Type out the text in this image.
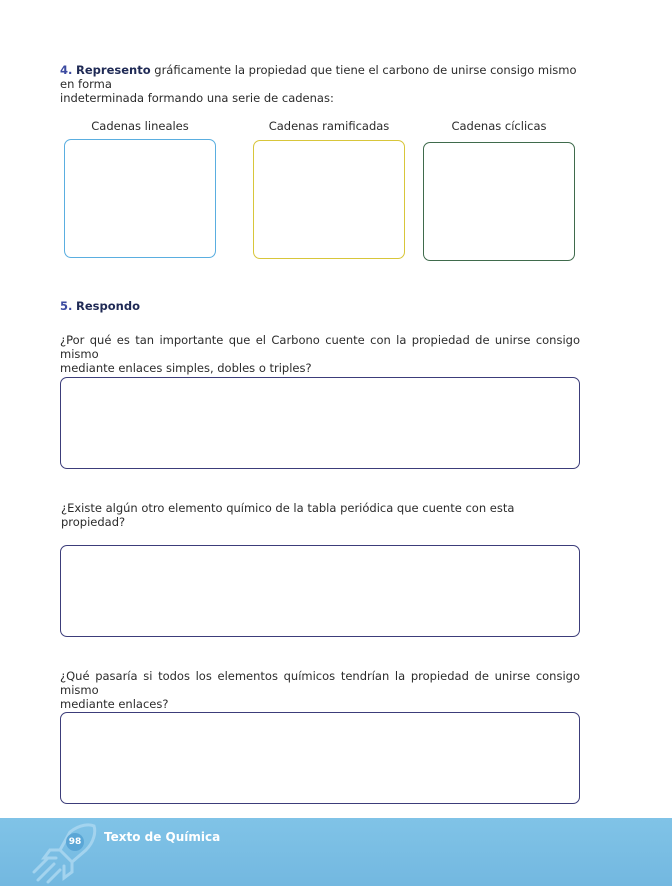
4. Represento gráficamente la propiedad que tiene el carbono de unirse consigo mismo en forma
indeterminada formando una serie de cadenas:
Cadenas lineales	Cadenas ramificadas	Cadenas cíclicas
5. Respondo
¿Por qué es tan importante que el Carbono cuente con la propiedad de unirse consigo mismo
mediante enlaces simples, dobles o triples?
¿Existe algún otro elemento químico de la tabla periódica que cuente con esta propiedad?
¿Qué pasaría si todos los elementos químicos tendrían la propiedad de unirse consigo mismo
mediante enlaces?
98 Texto de Química
